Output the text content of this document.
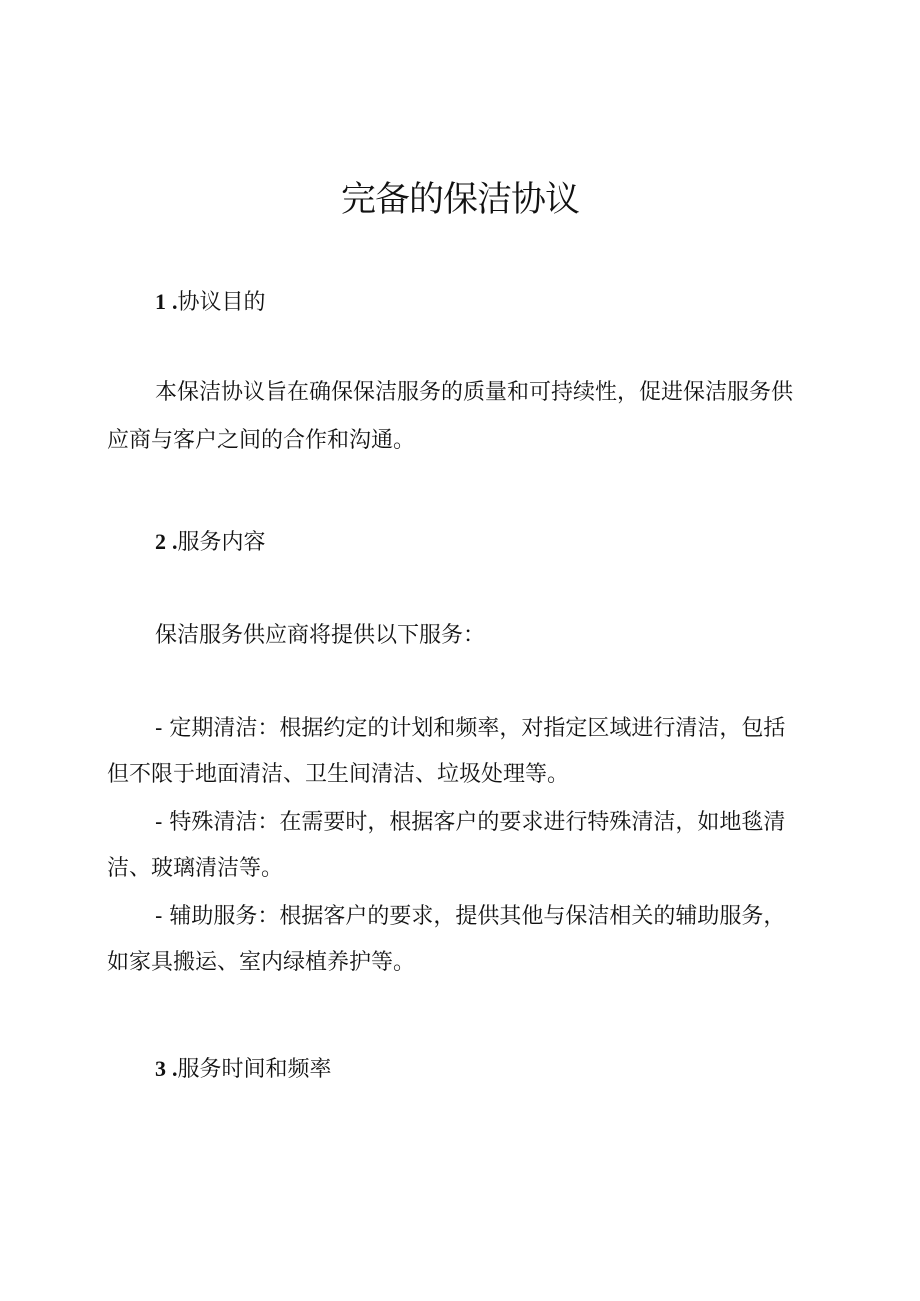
完备的保洁协议
1 .协议目的

本保洁协议旨在确保保洁服务的质量和可持续性，促进保洁服务供应商与客户之间的合作和沟通。

2 .服务内容

保洁服务供应商将提供以下服务：

- 定期清洁：根据约定的计划和频率，对指定区域进行清洁，包括但不限于地面清洁、卫生间清洁、垃圾处理等。

- 特殊清洁：在需要时，根据客户的要求进行特殊清洁，如地毯清洁、玻璃清洁等。

- 辅助服务：根据客户的要求，提供其他与保洁相关的辅助服务，如家具搬运、室内绿植养护等。

3 .服务时间和频率
